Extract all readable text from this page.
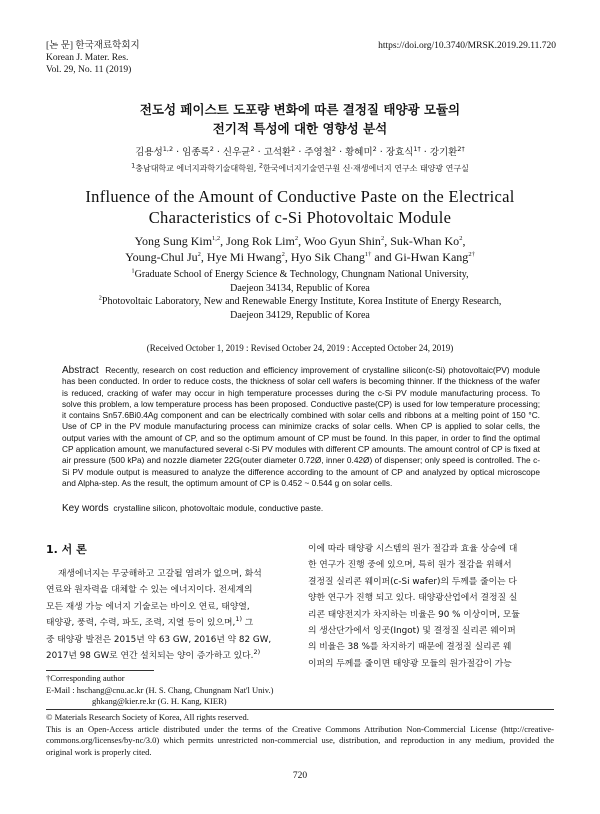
[논 문] 한국재료학회지
Korean J. Mater. Res.
Vol. 29, No. 11 (2019)
https://doi.org/10.3740/MRSK.2019.29.11.720
전도성 페이스트 도포량 변화에 따른 결정질 태양광 모듈의
전기적 특성에 대한 영향성 분석
김용성$^{1,2}$ · 임종록$^2$ · 신우균$^2$ · 고석환$^2$ · 주영철$^2$ · 황혜미$^2$ · 장효식$^{1\dagger}$ · 강기환$^{2\dagger}$
$^1$충남대학교 에너지과학기술대학원, $^2$한국에너지기술연구원 신·재생에너지 연구소 태양광 연구실
Influence of the Amount of Conductive Paste on the Electrical
Characteristics of c-Si Photovoltaic Module
Yong Sung Kim$^{1,2}$, Jong Rok Lim$^2$, Woo Gyun Shin$^2$, Suk-Whan Ko$^2$,
Young-Chul Ju$^2$, Hye Mi Hwang$^2$, Hyo Sik Chang$^{1\dagger}$ and Gi-Hwan Kang$^{2\dagger}$
$^1$Graduate School of Energy Science & Technology, Chungnam National University,
Daejeon 34134, Republic of Korea
$^2$Photovoltaic Laboratory, New and Renewable Energy Institute, Korea Institute of Energy Research,
Daejeon 34129, Republic of Korea
(Received October 1, 2019 : Revised October 24, 2019 : Accepted October 24, 2019)
Abstract Recently, research on cost reduction and efficiency improvement of crystalline silicon(c-Si) photovoltaic(PV) module has been conducted. In order to reduce costs, the thickness of solar cell wafers is becoming thinner. If the thickness of the wafer is reduced, cracking of wafer may occur in high temperature processes during the c-Si PV module manufacturing process. To solve this problem, a low temperature process has been proposed. Conductive paste(CP) is used for low temperature processing; it contains Sn57.6Bi0.4Ag component and can be electrically combined with solar cells and ribbons at a melting point of 150 °C. Use of CP in the PV module manufacturing process can minimize cracks of solar cells. When CP is applied to solar cells, the output varies with the amount of CP, and so the optimum amount of CP must be found. In this paper, in order to find the optimal CP application amount, we manufactured several c-Si PV modules with different CP amounts. The amount control of CP is fixed at air pressure (500 kPa) and nozzle diameter 22G(outer diameter 0.72Ø, inner 0.42Ø) of dispenser; only speed is controlled. The c-Si PV module output is measured to analyze the difference according to the amount of CP and analyzed by optical microscope and Alpha-step. As the result, the optimum amount of CP is 0.452 ~ 0.544 g on solar cells.
Key words crystalline silicon, photovoltaic module, conductive paste.
1. 서 론
재생에너지는 무궁해하고 고갈될 염려가 없으며, 화석
연료와 원자력을 대체할 수 있는 에너지이다. 전세계의
모든 재생 가능 에너지 기술로는 바이오 연료, 태양열,
태양광, 풍력, 수력, 파도, 조력, 지열 등이 있으며,$^{1)}$ 그
중 태양광 발전은 2015년 약 63 GW, 2016년 약 82 GW,
2017년 98 GW로 연간 설치되는 양이 증가하고 있다.$^{2)}$
이에 따라 태양광 시스템의 원가 절감과 효율 상승에 대
한 연구가 진행 중에 있으며, 특히 원가 절감을 위해서
결정질 실리콘 웨이퍼(c-Si wafer)의 두께를 줄이는 다
양한 연구가 진행 되고 있다. 태양광산업에서 결정질 실
리콘 태양전지가 차지하는 비율은 90 % 이상이며, 모듈
의 생산단가에서 잉곳(Ingot) 및 결정질 실리콘 웨이퍼
의 비율은 38 %를 차지하기 때문에 결정질 실리콘 웨
이퍼의 두께를 줄이면 태양광 모듈의 원가절감이 가능
†Corresponding author
E-Mail : hschang@cnu.ac.kr (H. S. Chang, Chungnam Nat'l Univ.)
ghkang@kier.re.kr (G. H. Kang, KIER)
© Materials Research Society of Korea, All rights reserved.
This is an Open-Access article distributed under the terms of the Creative Commons Attribution Non-Commercial License (http://creative-commons.org/licenses/by-nc/3.0) which permits unrestricted non-commercial use, distribution, and reproduction in any medium, provided the original work is properly cited.
720
